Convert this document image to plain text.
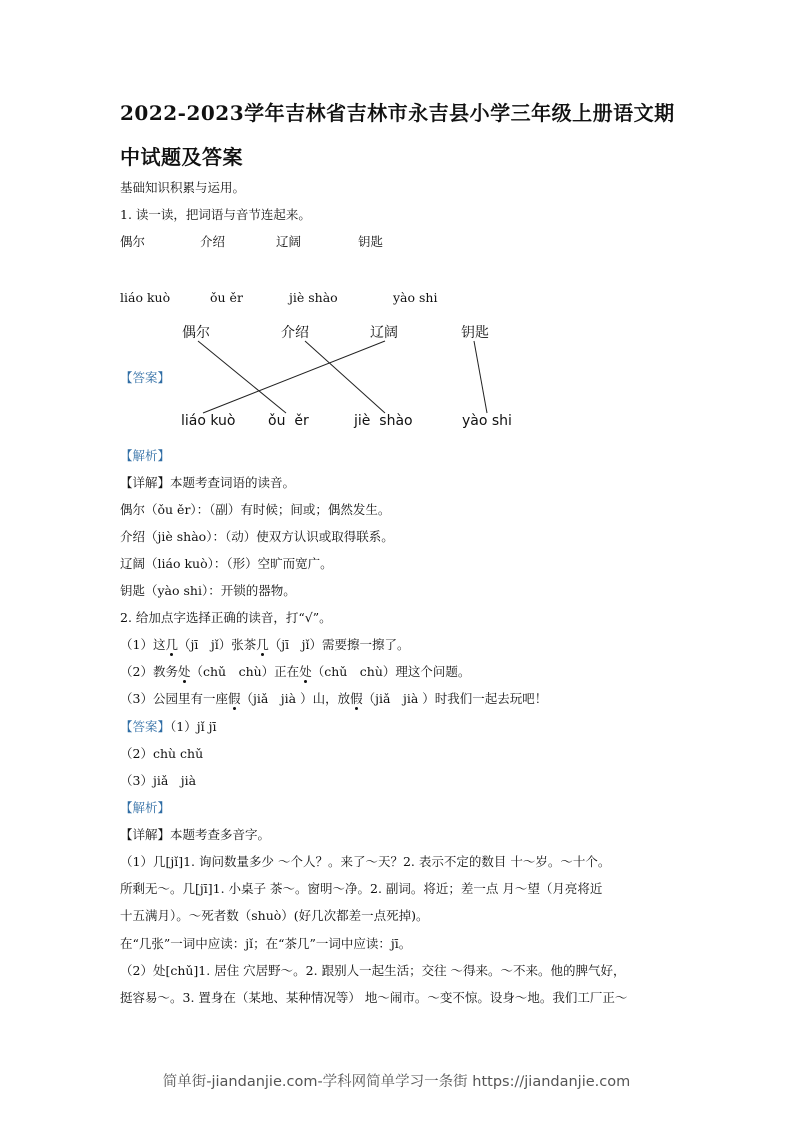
2022-2023学年吉林省吉林市永吉县小学三年级上册语文期
中试题及答案
基础知识积累与运用。
1. 读一读，把词语与音节连起来。
偶尔	介绍	辽阔	钥匙
liáo kuò	ǒu ěr	jiè shào	yào shi
偶尔	介绍	辽阔	钥匙
【答案】
liáo kuò ǒu  ěr	jiè  shào	yào shi
【解析】
【详解】本题考查词语的读音。
偶尔（ǒu ěr）：（副）有时候；间或；偶然发生。
介绍（jiè shào）：（动）使双方认识或取得联系。
辽阔（liáo kuò）：（形）空旷而宽广。
钥匙（yào shi）：开锁的器物。
2. 给加点字选择正确的读音，打“√”。
（1）这几（jī　jǐ）张茶几（jī　jǐ）需要擦一擦了。
（2）教务处（chǔ　chù）正在处（chǔ　chù）理这个问题。
（3）公园里有一座假（jiǎ　jià ）山，放假（jiǎ　jià ）时我们一起去玩吧！
【答案】（1）jǐ jī
（2）chù chǔ
（3）jiǎ　jià
【解析】
【详解】本题考查多音字。
（1）几[jǐ]1. 询问数量多少 ～个人？。来了～天？2. 表示不定的数目 十～岁。～十个。
所剩无～。几[jī]1. 小桌子 茶～。窗明～净。2. 副词。将近；差一点 月～望（月亮将近
十五满月）。～死者数（shuò）(好几次都差一点死掉)。
在“几张”一词中应读：jǐ；在“茶几”一词中应读：jī。
（2）处[chǔ]1. 居住 穴居野～。2. 跟别人一起生活；交往 ～得来。～不来。他的脾气好，
挺容易～。3. 置身在（某地、某种情况等） 地～闹市。～变不惊。设身～地。我们工厂正～
简单街-jiandanjie.com-学科网简单学习一条街 https://jiandanjie.com
